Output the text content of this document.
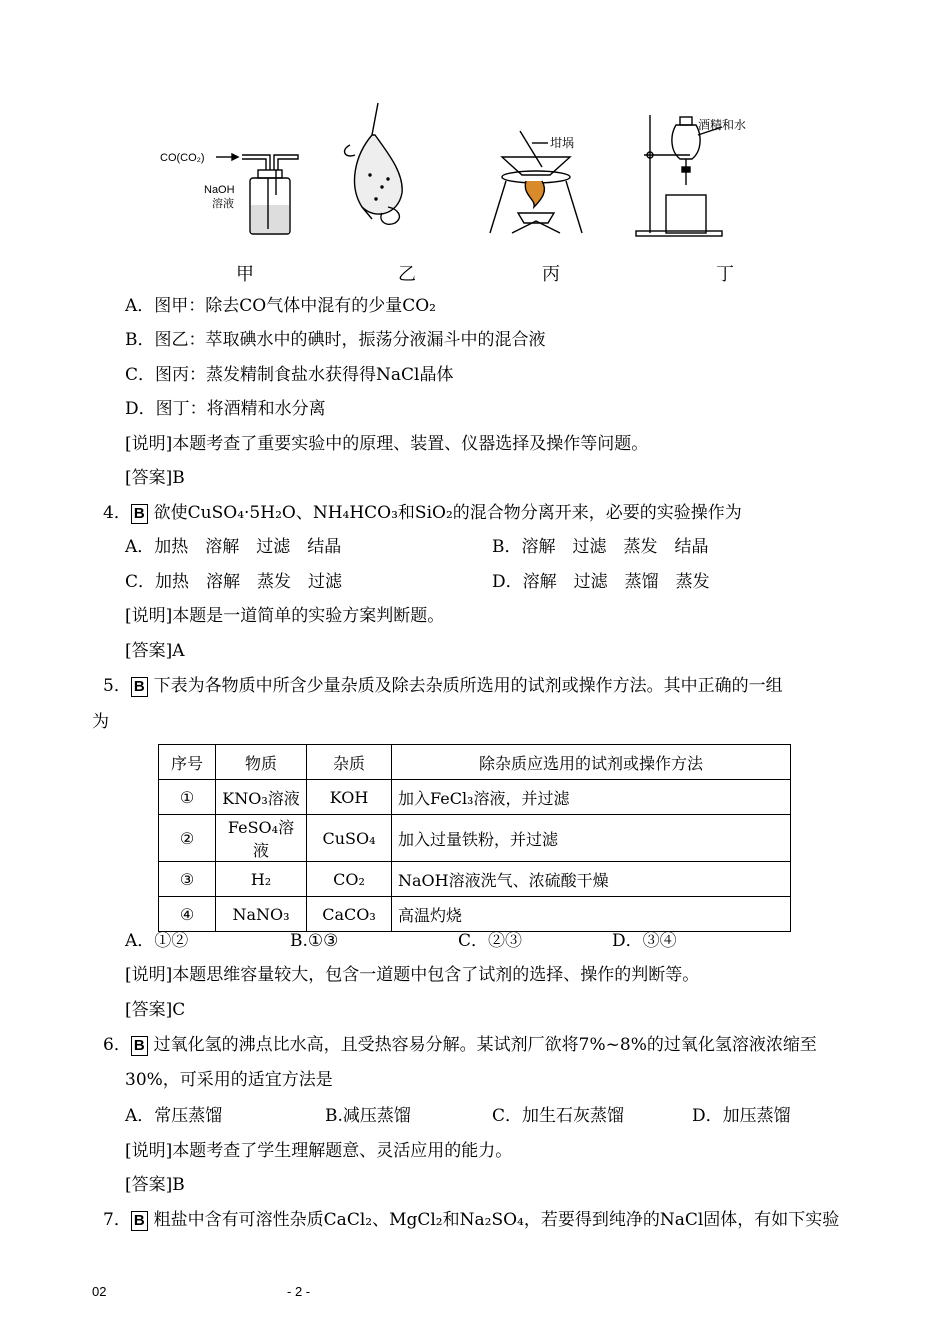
CO(CO₂)
NaOH
溶液
坩埚
酒精和水
甲	乙	丙	丁
A．图甲：除去CO气体中混有的少量CO₂
B．图乙：萃取碘水中的碘时，振荡分液漏斗中的混合液
C．图丙：蒸发精制食盐水获得得NaCl晶体
D．图丁：将酒精和水分离
[说明]本题考查了重要实验中的原理、装置、仪器选择及操作等问题。
[答案]B
4． B 欲使CuSO₄·5H₂O、NH₄HCO₃和SiO₂的混合物分离开来，必要的实验操作为
A．加热　溶解　过滤　结晶	B．溶解　过滤　蒸发　结晶
C．加热　溶解　蒸发　过滤	D．溶解　过滤　蒸馏　蒸发
[说明]本题是一道简单的实验方案判断题。
[答案]A
5． B 下表为各物质中所含少量杂质及除去杂质所选用的试剂或操作方法。其中正确的一组
为
序号	物质	杂质	除杂质应选用的试剂或操作方法
①	KNO₃溶液	KOH	加入FeCl₃溶液，并过滤
②	FeSO₄溶液	CuSO₄	加入过量铁粉，并过滤
③	H₂	CO₂	NaOH溶液洗气、浓硫酸干燥
④	NaNO₃	CaCO₃	高温灼烧
A．①②	B.①③	C．②③	D．③④
[说明]本题思维容量较大，包含一道题中包含了试剂的选择、操作的判断等。
[答案]C
6． B 过氧化氢的沸点比水高，且受热容易分解。某试剂厂欲将7%~8%的过氧化氢溶液浓缩至
30%，可采用的适宜方法是
A．常压蒸馏	B.减压蒸馏	C．加生石灰蒸馏	D．加压蒸馏
[说明]本题考查了学生理解题意、灵活应用的能力。
[答案]B
7． B 粗盐中含有可溶性杂质CaCl₂、MgCl₂和Na₂SO₄，若要得到纯净的NaCl固体，有如下实验
02	- 2 -
